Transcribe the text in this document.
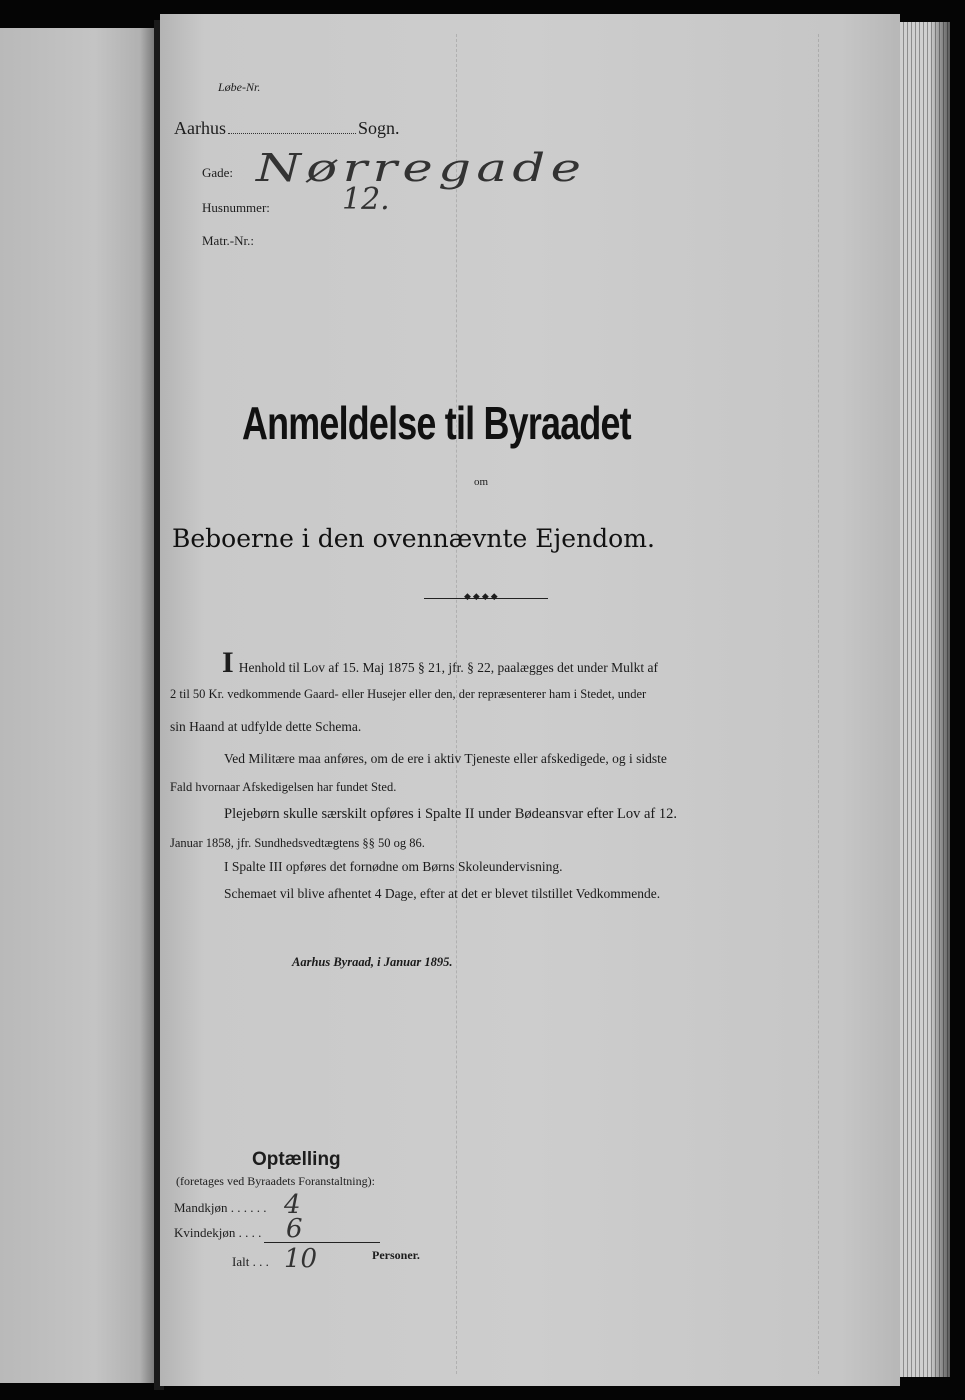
Løbe-Nr.
Aarhus	Sogn.
Gade: Nørregade
Husnummer: 12.
Matr.-Nr.:
Anmeldelse til Byraadet
om
Beboerne i den ovennævnte Ejendom.
◆◆◆◆
I Henhold til Lov af 15. Maj 1875 § 21, jfr. § 22, paalægges det under Mulkt af
2 til 50 Kr. vedkommende Gaard- eller Husejer eller den, der repræsenterer ham i Stedet, under
sin Haand at udfylde dette Schema.
Ved Militære maa anføres, om de ere i aktiv Tjeneste eller afskedigede, og i sidste
Fald hvornaar Afskedigelsen har fundet Sted.
Plejebørn skulle særskilt opføres i Spalte II under Bødeansvar efter Lov af 12.
Januar 1858, jfr. Sundhedsvedtægtens §§ 50 og 86.
I Spalte III opføres det fornødne om Børns Skoleundervisning.
Schemaet vil blive afhentet 4 Dage, efter at det er blevet tilstillet Vedkommende.
Aarhus Byraad, i Januar 1895.
Optælling
(foretages ved Byraadets Foranstaltning):
Mandkjøn . . . . . . 4
Kvindekjøn . . . . 6
Ialt . . . 10	Personer.
